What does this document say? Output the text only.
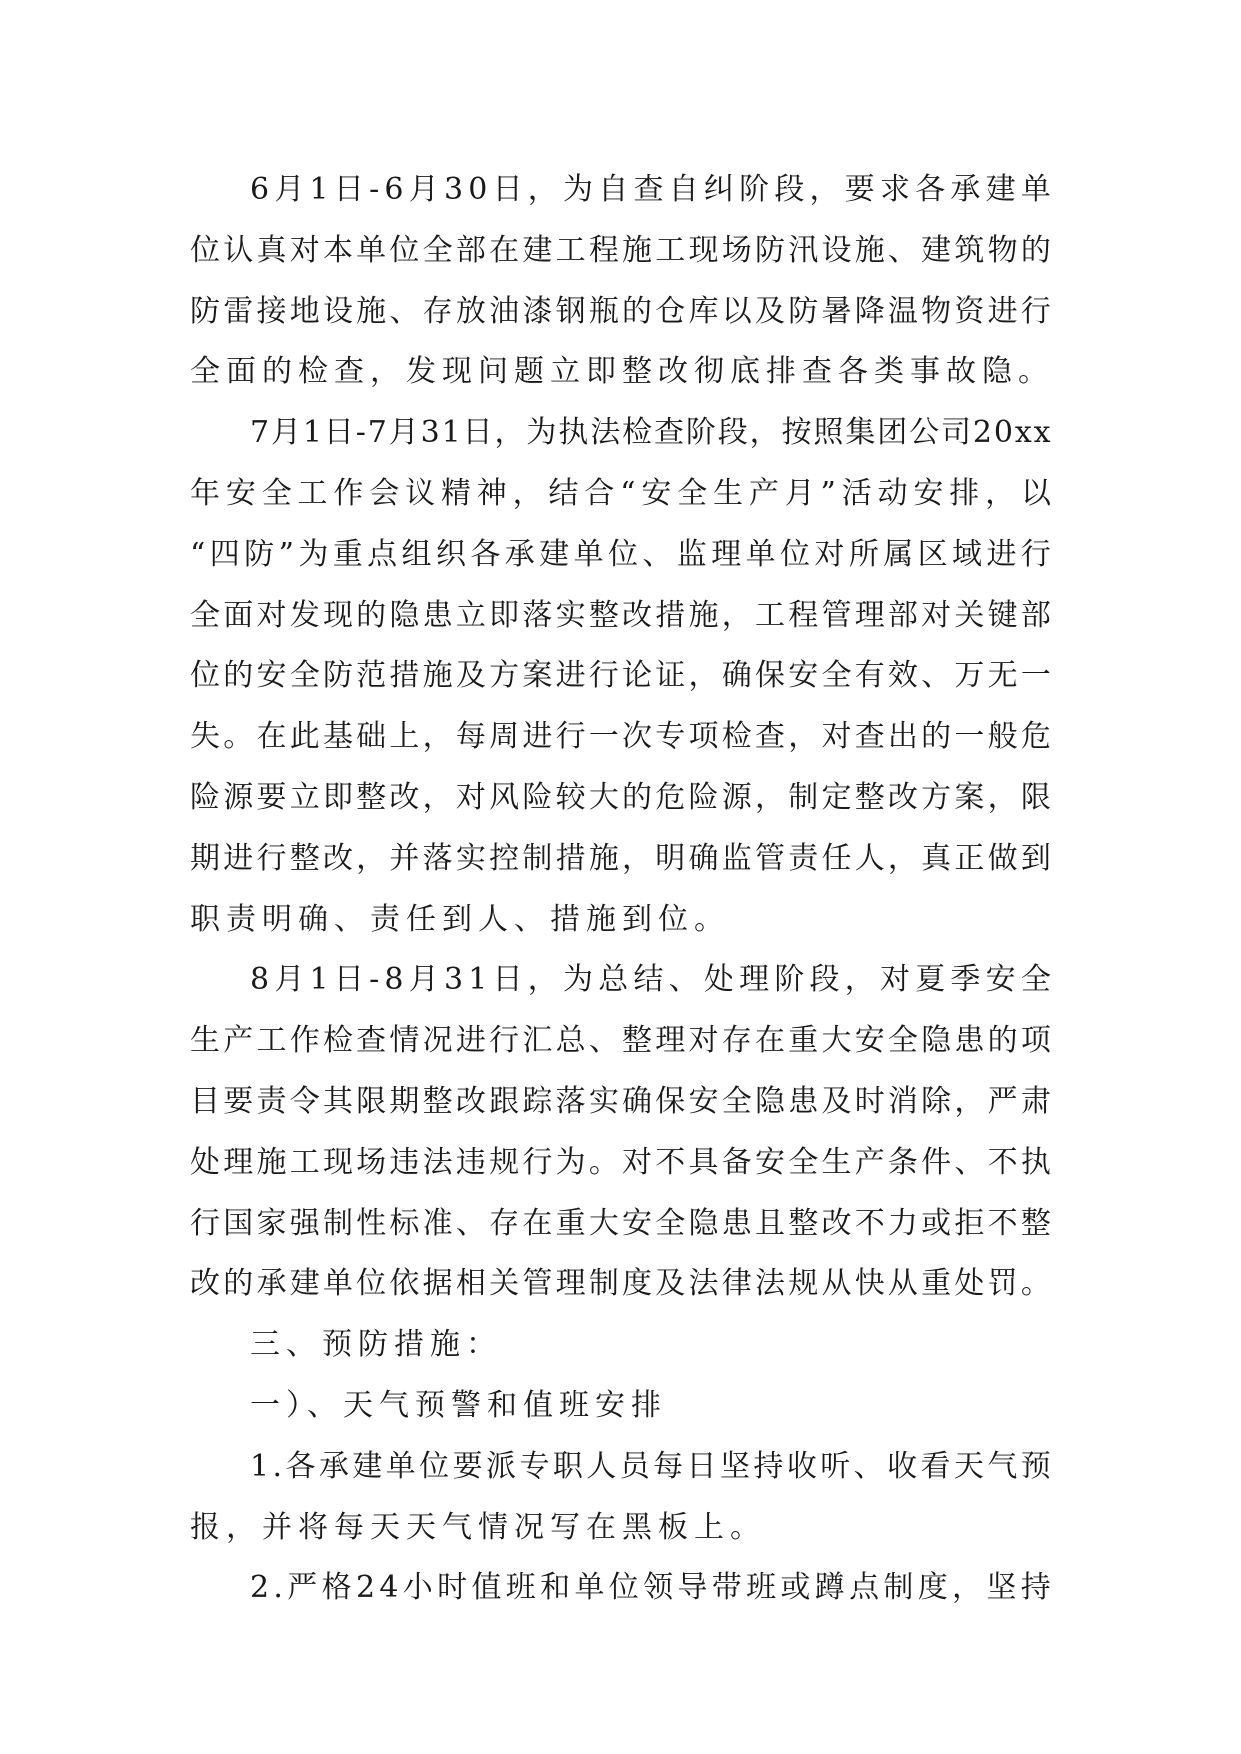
6 月 1 日 - 6 月 3 0 日 ， 为 自 查 自 纠 阶 段 ， 要 求 各 承 建 单
位 认 真 对 本 单 位 全 部 在 建 工 程 施 工 现 场 防 汛 设 施 、 建 筑 物 的
防 雷 接 地 设 施 、 存 放 油 漆 钢 瓶 的 仓 库 以 及 防 暑 降 温 物 资 进 行
全面的检查，发现问题立即整改彻底排查各类事故隐。
7 月 1 日 - 7 月 3 1 日 ， 为 执 法 检 查 阶 段 ， 按 照 集 团 公 司 2 0 x x
年 安 全 工 作 会 议 精 神 ， 结 合 “ 安 全 生 产 月 ” 活 动 安 排 ， 以
“ 四 防 ” 为 重 点 组 织 各 承 建 单 位 、 监 理 单 位 对 所 属 区 域 进 行
全 面 对 发 现 的 隐 患 立 即 落 实 整 改 措 施 ， 工 程 管 理 部 对 关 键 部
位 的 安 全 防 范 措 施 及 方 案 进 行 论 证 ， 确 保 安 全 有 效 、 万 无 一
失 。 在 此 基 础 上 ， 每 周 进 行 一 次 专 项 检 查 ， 对 查 出 的 一 般 危
险 源 要 立 即 整 改 ， 对 风 险 较 大 的 危 险 源 ， 制 定 整 改 方 案 ， 限
期 进 行 整 改 ， 并 落 实 控 制 措 施 ， 明 确 监 管 责 任 人 ， 真 正 做 到
职责明确、责任到人、措施到位。
8 月 1 日 - 8 月 3 1 日 ， 为 总 结 、 处 理 阶 段 ， 对 夏 季 安 全
生 产 工 作 检 查 情 况 进 行 汇 总 、 整 理 对 存 在 重 大 安 全 隐 患 的 项
目 要 责 令 其 限 期 整 改 跟 踪 落 实 确 保 安 全 隐 患 及 时 消 除 ， 严 肃
处 理 施 工 现 场 违 法 违 规 行 为 。 对 不 具 备 安 全 生 产 条 件 、 不 执
行 国 家 强 制 性 标 准 、 存 在 重 大 安 全 隐 患 且 整 改 不 力 或 拒 不 整
改 的 承 建 单 位 依 据 相 关 管 理 制 度 及 法 律 法 规 从 快 从 重 处 罚 。
三、预防措施：
一）、天气预警和值班安排
1 . 各 承 建 单 位 要 派 专 职 人 员 每 日 坚 持 收 听 、 收 看 天 气 预
报，并将每天天气情况写在黑板上。
2 . 严 格 2 4 小 时 值 班 和 单 位 领 导 带 班 或 蹲 点 制 度 ， 坚 持
